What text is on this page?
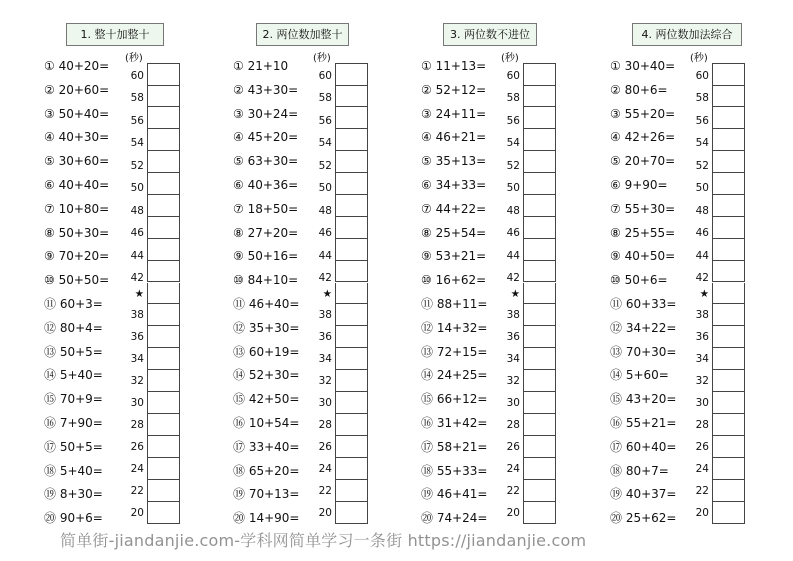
1. 整十加整十
① 40+20=
② 20+60=
③ 50+40=
④ 40+30=
⑤ 30+60=
⑥ 40+40=
⑦ 10+80=
⑧ 50+30=
⑨ 70+20=
⑩ 50+50=
⑪ 60+3=
⑫ 80+4=
⑬ 50+5=
⑭ 5+40=
⑮ 70+9=
⑯ 7+90=
⑰ 50+5=
⑱ 5+40=
⑲ 8+30=
⑳ 90+6=
(秒)
60
58
56
54
52
50
48
46
44
42
★
38
36
34
32
30
28
26
24
22
20
2. 两位数加整十
① 21+10
② 43+30=
③ 30+24=
④ 45+20=
⑤ 63+30=
⑥ 40+36=
⑦ 18+50=
⑧ 27+20=
⑨ 50+16=
⑩ 84+10=
⑪ 46+40=
⑫ 35+30=
⑬ 60+19=
⑭ 52+30=
⑮ 42+50=
⑯ 10+54=
⑰ 33+40=
⑱ 65+20=
⑲ 70+13=
⑳ 14+90=
(秒)
60
58
56
54
52
50
48
46
44
42
★
38
36
34
32
30
28
26
24
22
20
3. 两位数不进位
① 11+13=
② 52+12=
③ 24+11=
④ 46+21=
⑤ 35+13=
⑥ 34+33=
⑦ 44+22=
⑧ 25+54=
⑨ 53+21=
⑩ 16+62=
⑪ 88+11=
⑫ 14+32=
⑬ 72+15=
⑭ 24+25=
⑮ 66+12=
⑯ 31+42=
⑰ 58+21=
⑱ 55+33=
⑲ 46+41=
⑳ 74+24=
(秒)
60
58
56
54
52
50
48
46
44
42
★
38
36
34
32
30
28
26
24
22
20
4. 两位数加法综合
① 30+40=
② 80+6=
③ 55+20=
④ 42+26=
⑤ 20+70=
⑥ 9+90=
⑦ 55+30=
⑧ 25+55=
⑨ 40+50=
⑩ 50+6=
⑪ 60+33=
⑫ 34+22=
⑬ 70+30=
⑭ 5+60=
⑮ 43+20=
⑯ 55+21=
⑰ 60+40=
⑱ 80+7=
⑲ 40+37=
⑳ 25+62=
(秒)
60
58
56
54
52
50
48
46
44
42
★
38
36
34
32
30
28
26
24
22
20
简单街-jiandanjie.com-学科网简单学习一条街 https://jiandanjie.com
